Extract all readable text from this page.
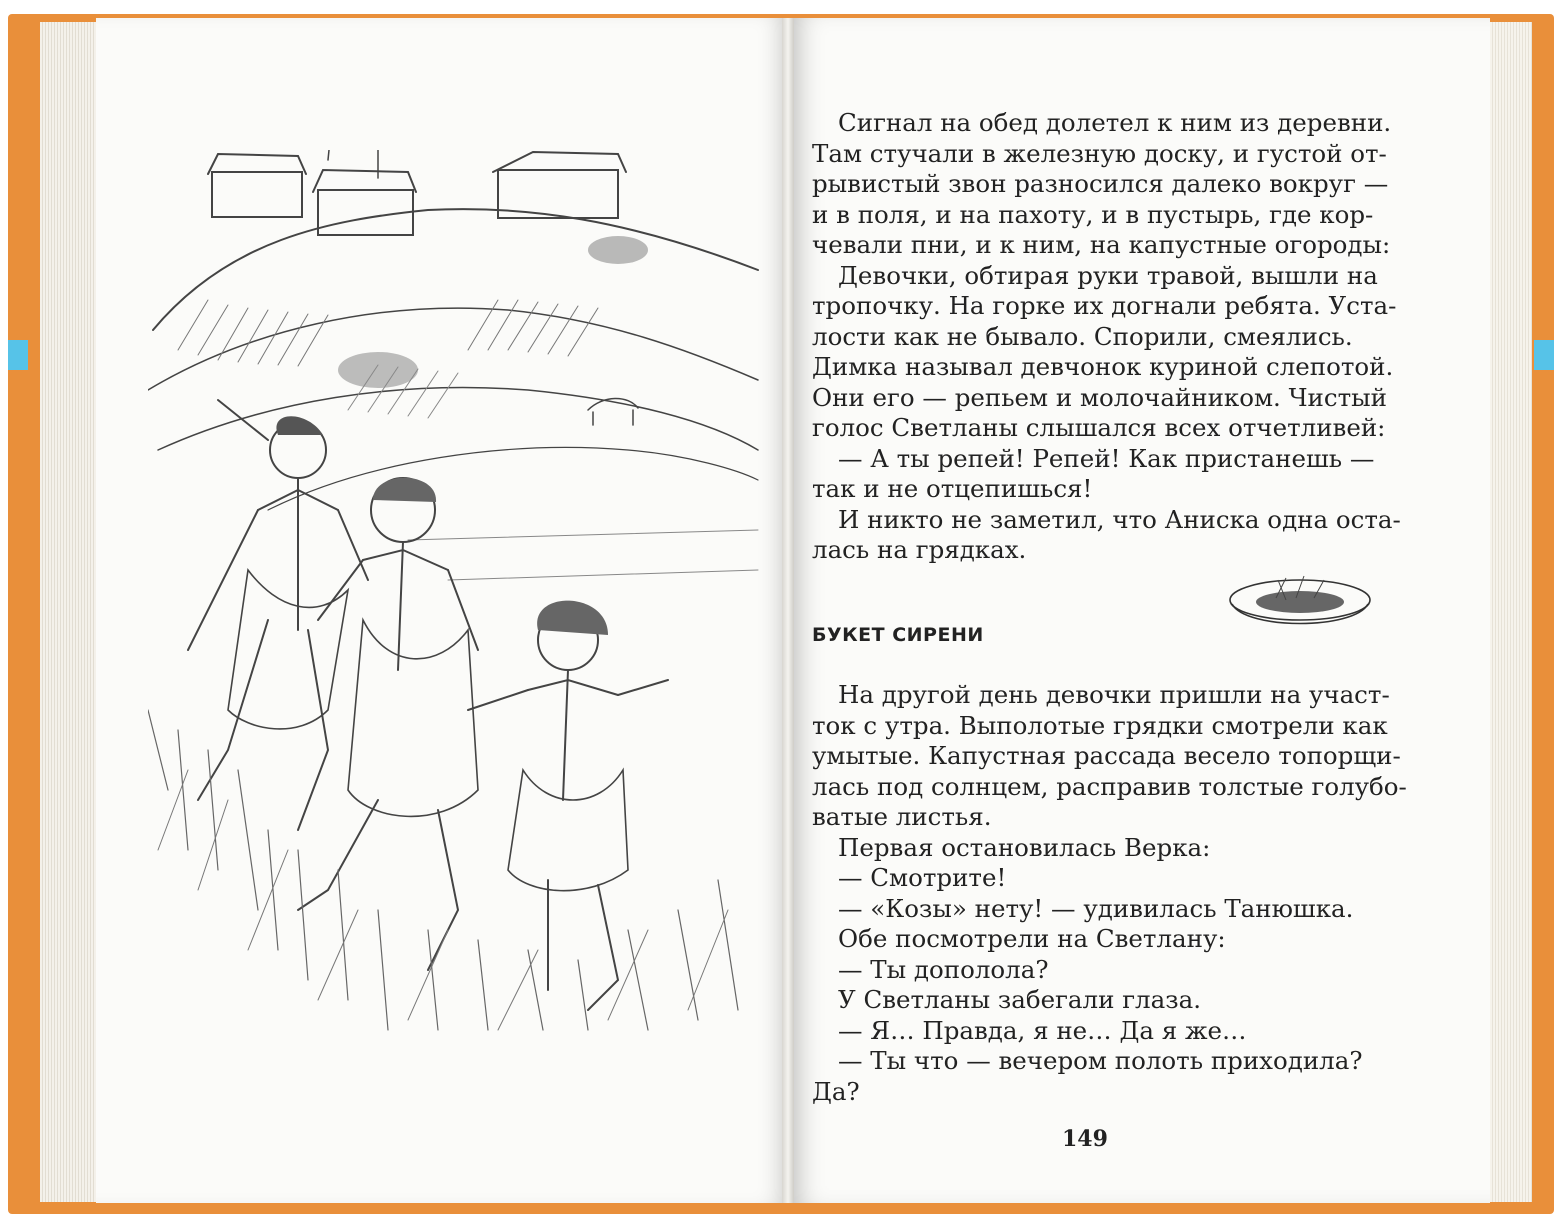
Сигнал на обед долетел к ним из деревни.

Там стучали в железную доску, и густой от-

рывистый звон разносился далеко вокруг —

и в поля, и на пахоту, и в пустырь, где кор-

чевали пни, и к ним, на капустные огороды:

Девочки, обтирая руки травой, вышли на

тропочку. На горке их догнали ребята. Уста-

лости как не бывало. Спорили, смеялись.

Димка называл девчонок куриной слепотой.

Они его — репьем и молочайником. Чистый

голос Светланы слышался всех отчетливей:

— А ты репей! Репей! Как пристанешь —

так и не отцепишься!

И никто не заметил, что Аниска одна оста-

лась на грядках.

БУКЕТ СИРЕНИ

На другой день девочки пришли на участ-

ток с утра. Выполотые грядки смотрели как

умытые. Капустная рассада весело топорщи-

лась под солнцем, расправив толстые голубо-

ватые листья.

Первая остановилась Верка:

— Смотрите!

— «Козы» нету! — удивилась Танюшка.

Обе посмотрели на Светлану:

— Ты дополола?

У Светланы забегали глаза.

— Я… Правда, я не… Да я же…

— Ты что — вечером полоть приходила?

Да?

149
